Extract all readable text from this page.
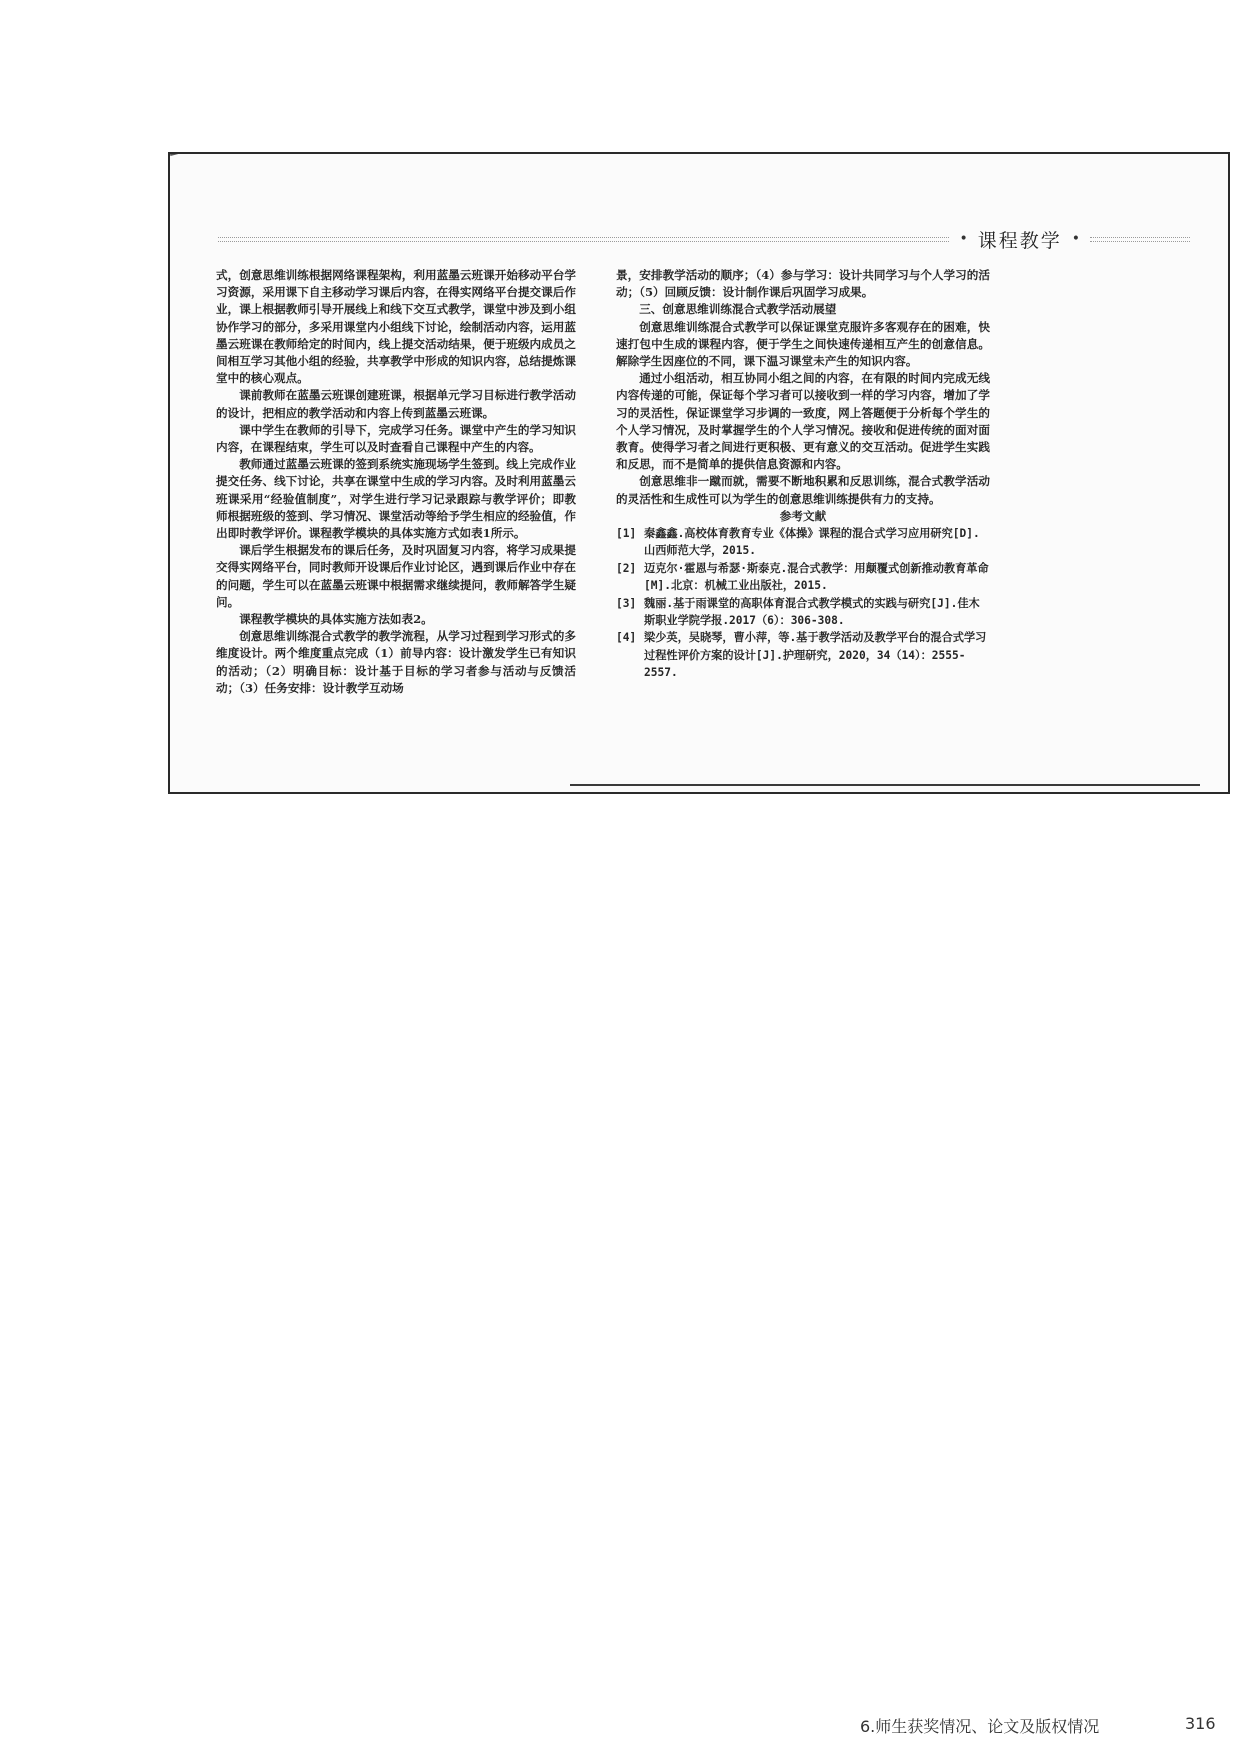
• 课程教学 •

式，创意思维训练根据网络课程架构，利用蓝墨云班课开始移动平台学习资源，采用课下自主移动学习课后内容，在得实网络平台提交课后作业，课上根据教师引导开展线上和线下交互式教学，课堂中涉及到小组协作学习的部分，多采用课堂内小组线下讨论，绘制活动内容，运用蓝墨云班课在教师给定的时间内，线上提交活动结果，便于班级内成员之间相互学习其他小组的经验，共享教学中形成的知识内容，总结提炼课堂中的核心观点。

课前教师在蓝墨云班课创建班课，根据单元学习目标进行教学活动的设计，把相应的教学活动和内容上传到蓝墨云班课。

课中学生在教师的引导下，完成学习任务。课堂中产生的学习知识内容，在课程结束，学生可以及时查看自己课程中产生的内容。

教师通过蓝墨云班课的签到系统实施现场学生签到。线上完成作业提交任务、线下讨论，共享在课堂中生成的学习内容。及时利用蓝墨云班课采用“经验值制度”，对学生进行学习记录跟踪与教学评价；即教师根据班级的签到、学习情况、课堂活动等给予学生相应的经验值，作出即时教学评价。课程教学模块的具体实施方式如表1所示。

课后学生根据发布的课后任务，及时巩固复习内容，将学习成果提交得实网络平台，同时教师开设课后作业讨论区，遇到课后作业中存在的问题，学生可以在蓝墨云班课中根据需求继续提问，教师解答学生疑问。

课程教学模块的具体实施方法如表2。

创意思维训练混合式教学的教学流程，从学习过程到学习形式的多维度设计。两个维度重点完成（1）前导内容：设计激发学生已有知识的活动；（2）明确目标：设计基于目标的学习者参与活动与反馈活动；（3）任务安排：设计教学互动场

景，安排教学活动的顺序；（4）参与学习：设计共同学习与个人学习的活动；（5）回顾反馈：设计制作课后巩固学习成果。

三、创意思维训练混合式教学活动展望

创意思维训练混合式教学可以保证课堂克服许多客观存在的困难，快速打包中生成的课程内容，便于学生之间快速传递相互产生的创意信息。解除学生因座位的不同，课下温习课堂未产生的知识内容。

通过小组活动，相互协同小组之间的内容，在有限的时间内完成无线内容传递的可能，保证每个学习者可以接收到一样的学习内容，增加了学习的灵活性，保证课堂学习步调的一致度，网上答题便于分析每个学生的个人学习情况，及时掌握学生的个人学习情况。接收和促进传统的面对面教育。使得学习者之间进行更积极、更有意义的交互活动。促进学生实践和反思，而不是简单的提供信息资源和内容。

创意思维非一蹴而就，需要不断地积累和反思训练，混合式教学活动的灵活性和生成性可以为学生的创意思维训练提供有力的支持。

参考文献

[1] 秦鑫鑫.高校体育教育专业《体操》课程的混合式学习应用研究[D].山西师范大学，2015.
[2] 迈克尔·霍恩与希瑟·斯泰克.混合式教学：用颠覆式创新推动教育革命[M].北京：机械工业出版社，2015.
[3] 魏丽.基于雨课堂的高职体育混合式教学模式的实践与研究[J].佳木斯职业学院学报.2017（6）：306-308.
[4] 梁少英，吴晓琴，曹小萍，等.基于教学活动及教学平台的混合式学习过程性评价方案的设计[J].护理研究，2020，34（14）：2555-2557.
6.师生获奖情况、论文及版权情况	316
